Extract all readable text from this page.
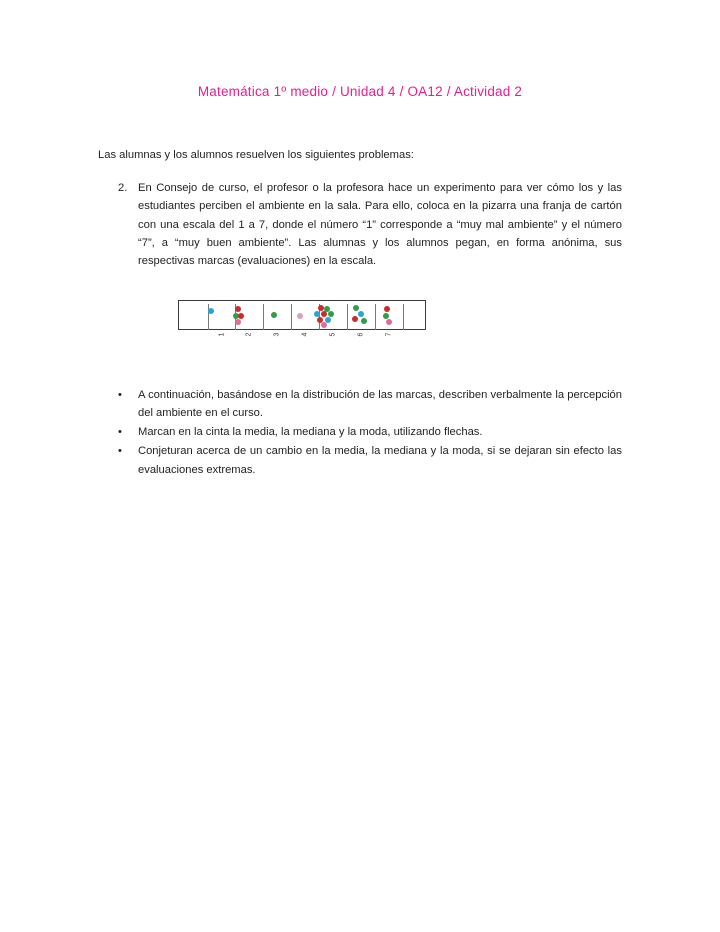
Matemática 1º medio / Unidad 4 / OA12 / Actividad 2

Las alumnas y los alumnos resuelven los siguientes problemas:

2. En Consejo de curso, el profesor o la profesora hace un experimento para ver cómo los y las estudiantes perciben el ambiente en la sala. Para ello, coloca en la pizarra una franja de cartón con una escala del 1 a 7, donde el número “1” corresponde a “muy mal ambiente” y el número “7”, a “muy buen ambiente”. Las alumnas y los alumnos pegan, en forma anónima, sus respectivas marcas (evaluaciones) en la escala.
1	2	3	4	5	6	7
•	A continuación, basándose en la distribución de las marcas, describen verbalmente la percepción del ambiente en el curso.
•	Marcan en la cinta la media, la mediana y la moda, utilizando flechas.
•	Conjeturan acerca de un cambio en la media, la mediana y la moda, si se dejaran sin efecto las evaluaciones extremas.
